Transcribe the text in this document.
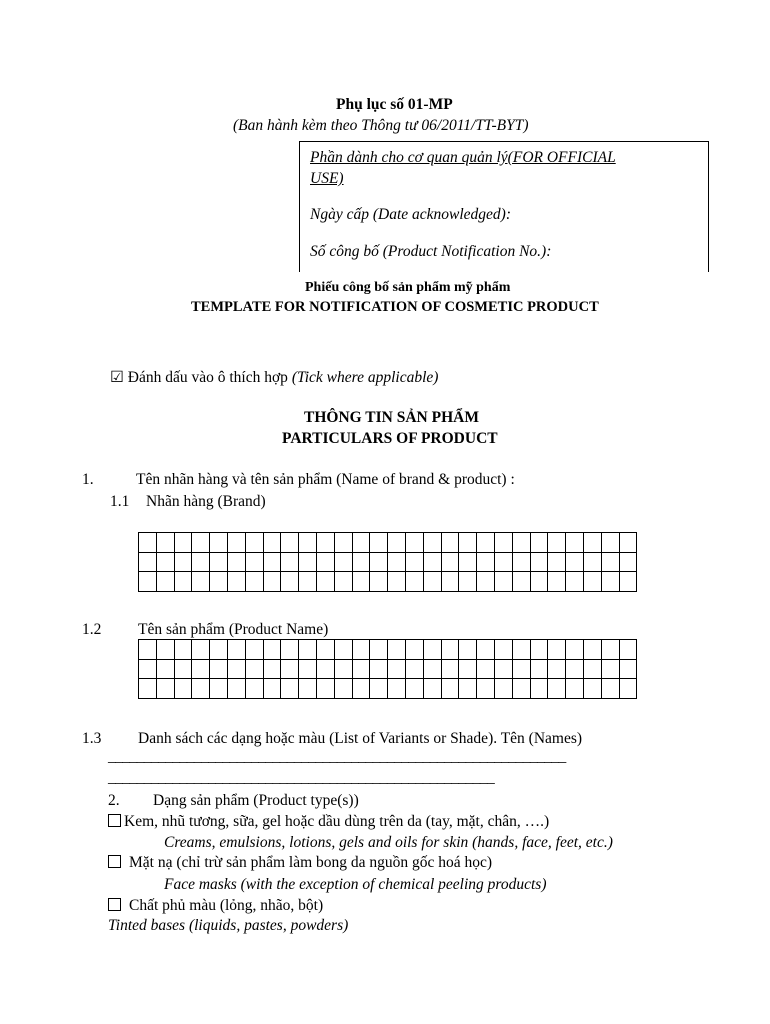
Phụ lục số 01-MP
(Ban hành kèm theo Thông tư 06/2011/TT-BYT)
Phần dành cho cơ quan quản lý(FOR OFFICIAL
USE)
Ngày cấp (Date acknowledged):
Số công bố (Product Notification No.):
Phiếu công bố sản phẩm mỹ phẩm
TEMPLATE FOR NOTIFICATION OF COSMETIC PRODUCT
☑ Đánh dấu vào ô thích hợp (Tick where applicable)
THÔNG TIN SẢN PHẨM
PARTICULARS OF PRODUCT
1.	Tên nhãn hàng và tên sản phẩm (Name of brand & product) :
1.1 Nhãn hàng (Brand)

1.2 Tên sản phẩm (Product Name)

1.3 Danh sách các dạng hoặc màu (List of Variants or Shade). Tên (Names)
________________________________________________________________
______________________________________________________
2. Dạng sản phẩm (Product type(s))
Kem, nhũ tương, sữa, gel hoặc dầu dùng trên da (tay, mặt, chân, ….)
Creams, emulsions, lotions, gels and oils for skin (hands, face, feet, etc.)
Mặt nạ (chỉ trừ sản phẩm làm bong da nguồn gốc hoá học)
Face masks (with the exception of chemical peeling products)
Chất phủ màu (lỏng, nhão, bột)
Tinted bases (liquids, pastes, powders)
